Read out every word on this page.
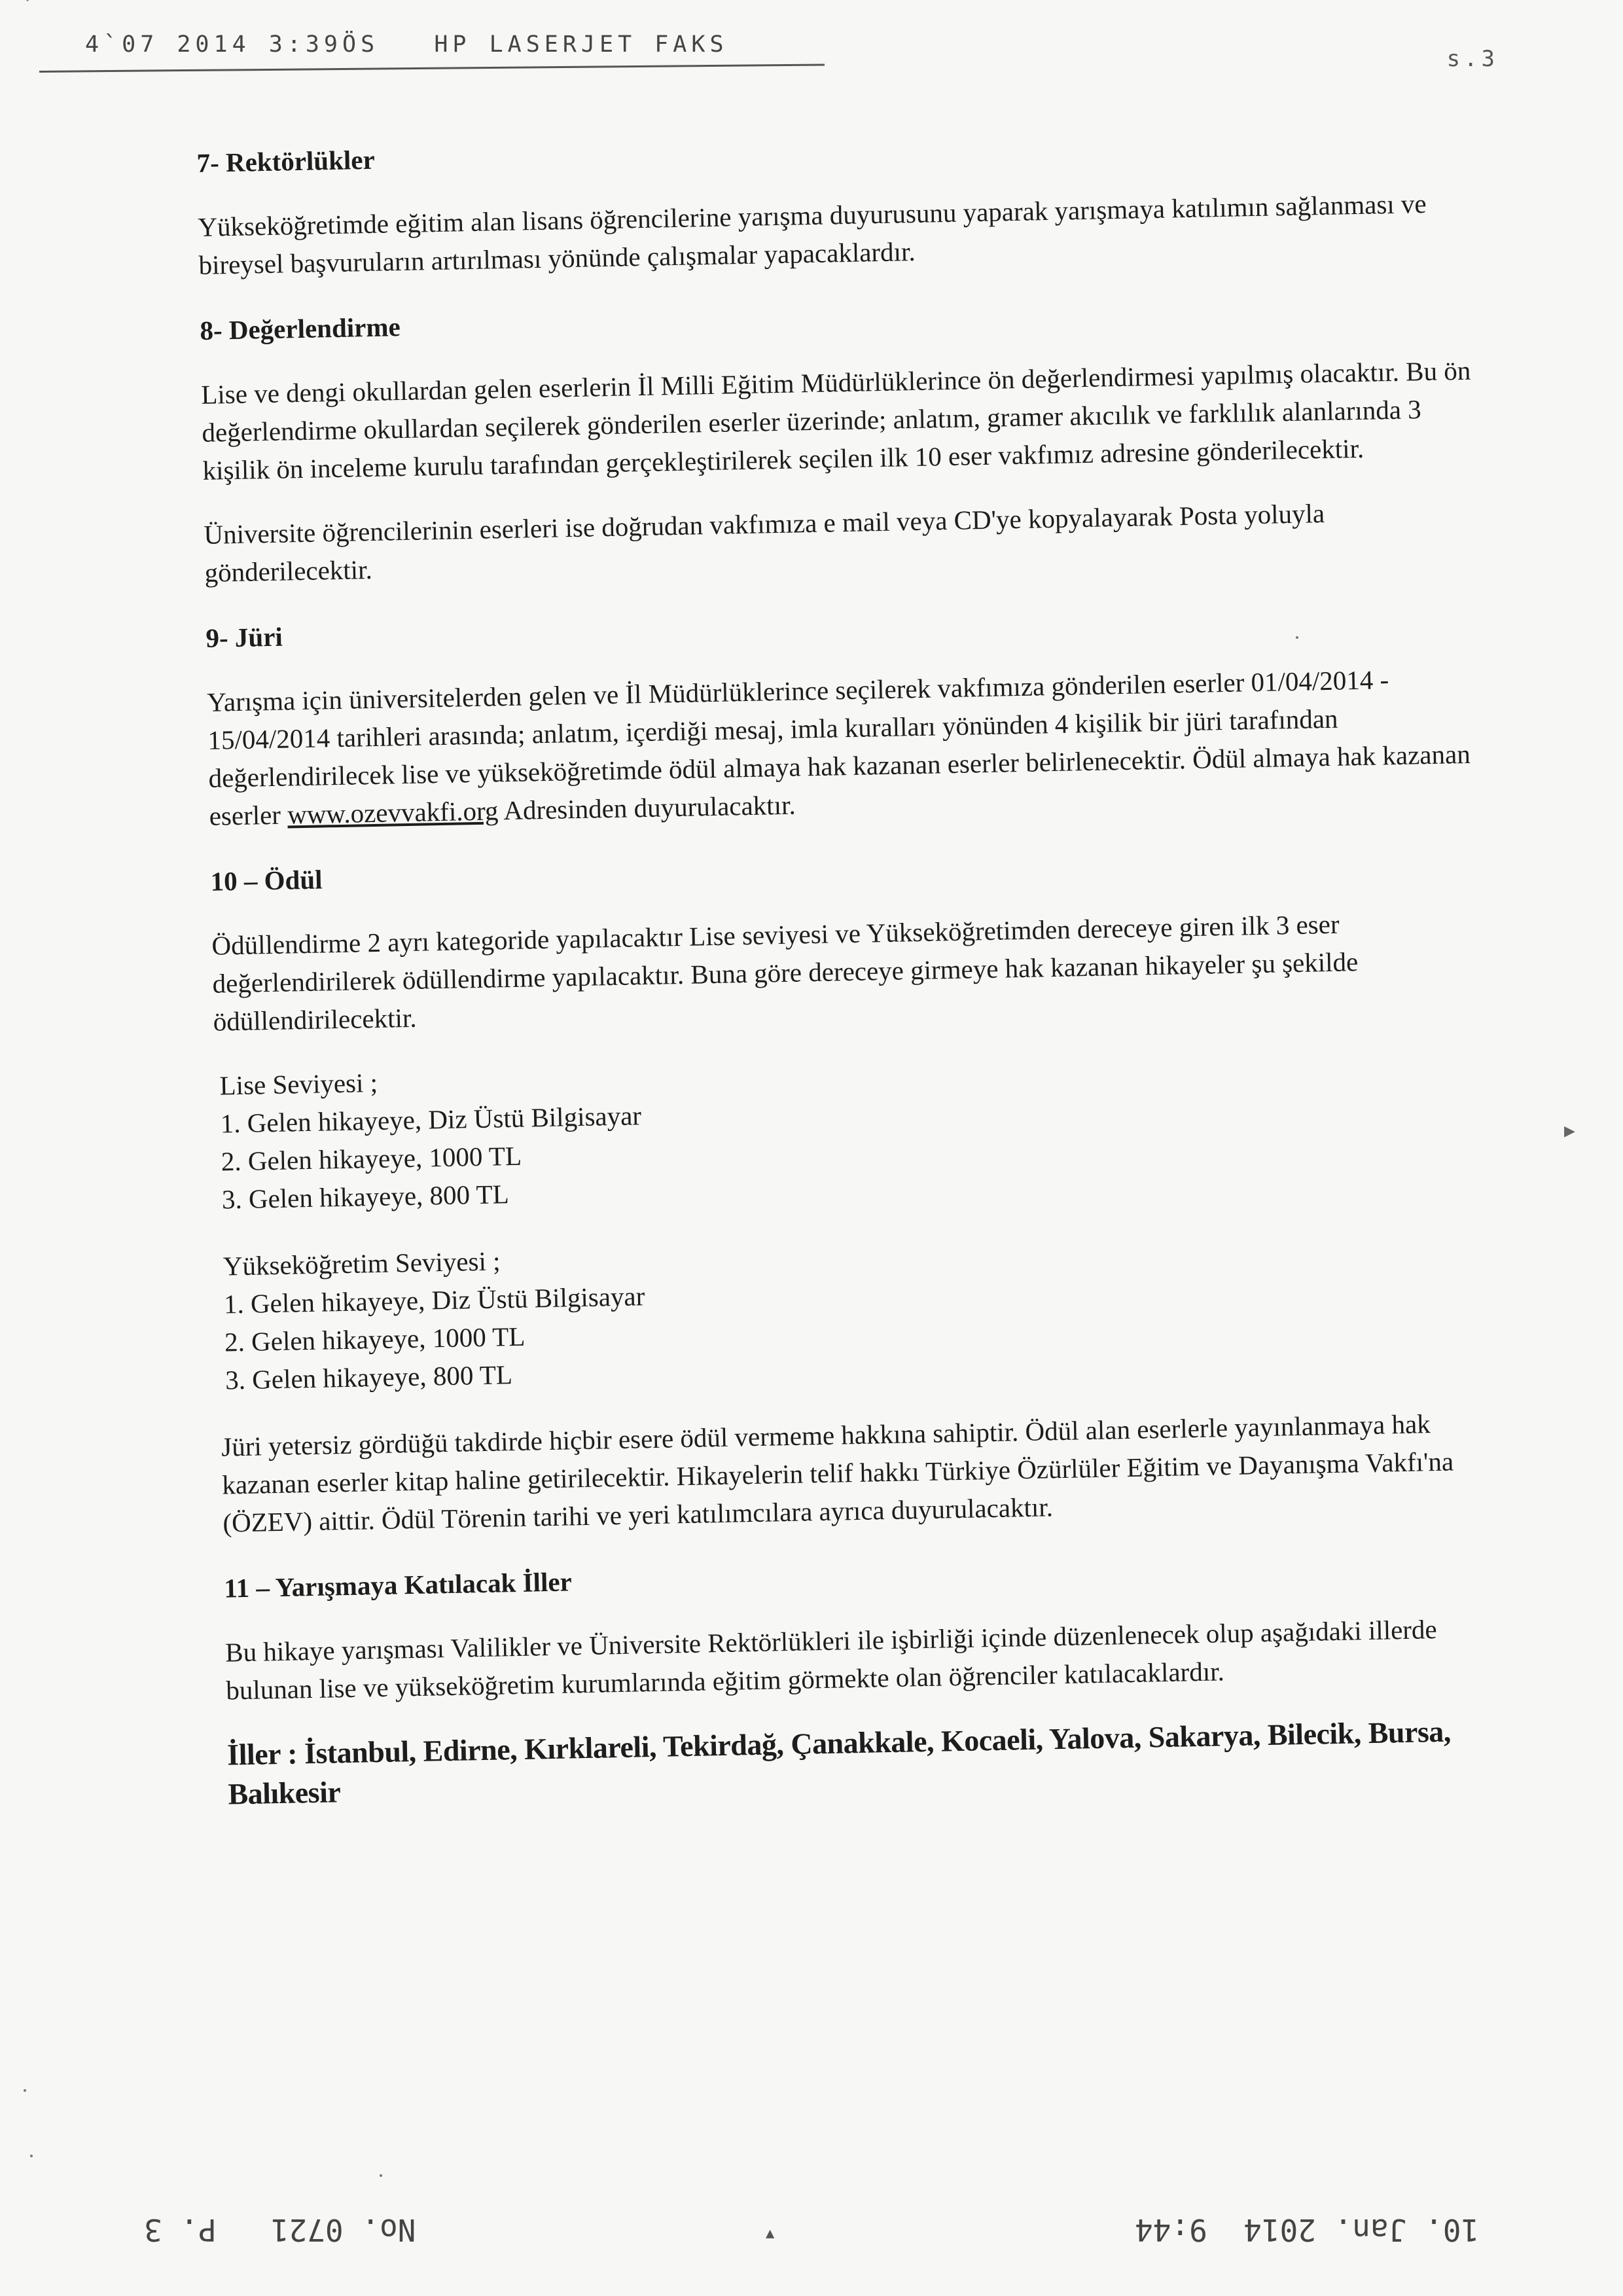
4`07 2014 3:39ÖS   HP LASERJET FAKS
s.3
7- Rektörlükler

Yükseköğretimde eğitim alan lisans öğrencilerine yarışma duyurusunu yaparak yarışmaya katılımın sağlanması ve bireysel başvuruların artırılması yönünde çalışmalar yapacaklardır.

8- Değerlendirme

Lise ve dengi okullardan gelen eserlerin İl Milli Eğitim Müdürlüklerince ön değerlendirmesi yapılmış olacaktır. Bu ön değerlendirme okullardan seçilerek gönderilen eserler üzerinde; anlatım, gramer akıcılık ve farklılık alanlarında 3 kişilik ön inceleme kurulu tarafından gerçekleştirilerek seçilen ilk 10 eser vakfımız adresine gönderilecektir.

Üniversite öğrencilerinin eserleri ise doğrudan vakfımıza e mail veya CD'ye kopyalayarak Posta yoluyla gönderilecektir.

9- Jüri

Yarışma için üniversitelerden gelen ve İl Müdürlüklerince seçilerek vakfımıza gönderilen eserler 01/04/2014 - 15/04/2014 tarihleri arasında; anlatım, içerdiği mesaj, imla kuralları yönünden 4 kişilik bir jüri tarafından değerlendirilecek lise ve yükseköğretimde ödül almaya hak kazanan eserler belirlenecektir. Ödül almaya hak kazanan eserler www.ozevvakfi.org Adresinden duyurulacaktır.

10 – Ödül

Ödüllendirme 2 ayrı kategoride yapılacaktır Lise seviyesi ve Yükseköğretimden dereceye giren ilk 3 eser değerlendirilerek ödüllendirme yapılacaktır. Buna göre dereceye girmeye hak kazanan hikayeler şu şekilde ödüllendirilecektir.

Lise Seviyesi ;
1. Gelen hikayeye, Diz Üstü Bilgisayar
2. Gelen hikayeye, 1000 TL
3. Gelen hikayeye, 800 TL
Yükseköğretim Seviyesi ;
1. Gelen hikayeye, Diz Üstü Bilgisayar
2. Gelen hikayeye, 1000 TL
3. Gelen hikayeye, 800 TL

Jüri yetersiz gördüğü takdirde hiçbir esere ödül vermeme hakkına sahiptir. Ödül alan eserlerle yayınlanmaya hak kazanan eserler kitap haline getirilecektir. Hikayelerin telif hakkı Türkiye Özürlüler Eğitim ve Dayanışma Vakfı'na (ÖZEV) aittir. Ödül Törenin tarihi ve yeri katılımcılara ayrıca duyurulacaktır.

11 – Yarışmaya Katılacak İller

Bu hikaye yarışması Valilikler ve Üniversite Rektörlükleri ile işbirliği içinde düzenlenecek olup aşağıdaki illerde bulunan lise ve yükseköğretim kurumlarında eğitim görmekte olan öğrenciler katılacaklardır.

İller : İstanbul, Edirne, Kırklareli, Tekirdağ, Çanakkale, Kocaeli, Yalova, Sakarya, Bilecik, Bursa, Balıkesir

▶
No. 0721   P. 3	▲	10. Jan. 2014  9:44
